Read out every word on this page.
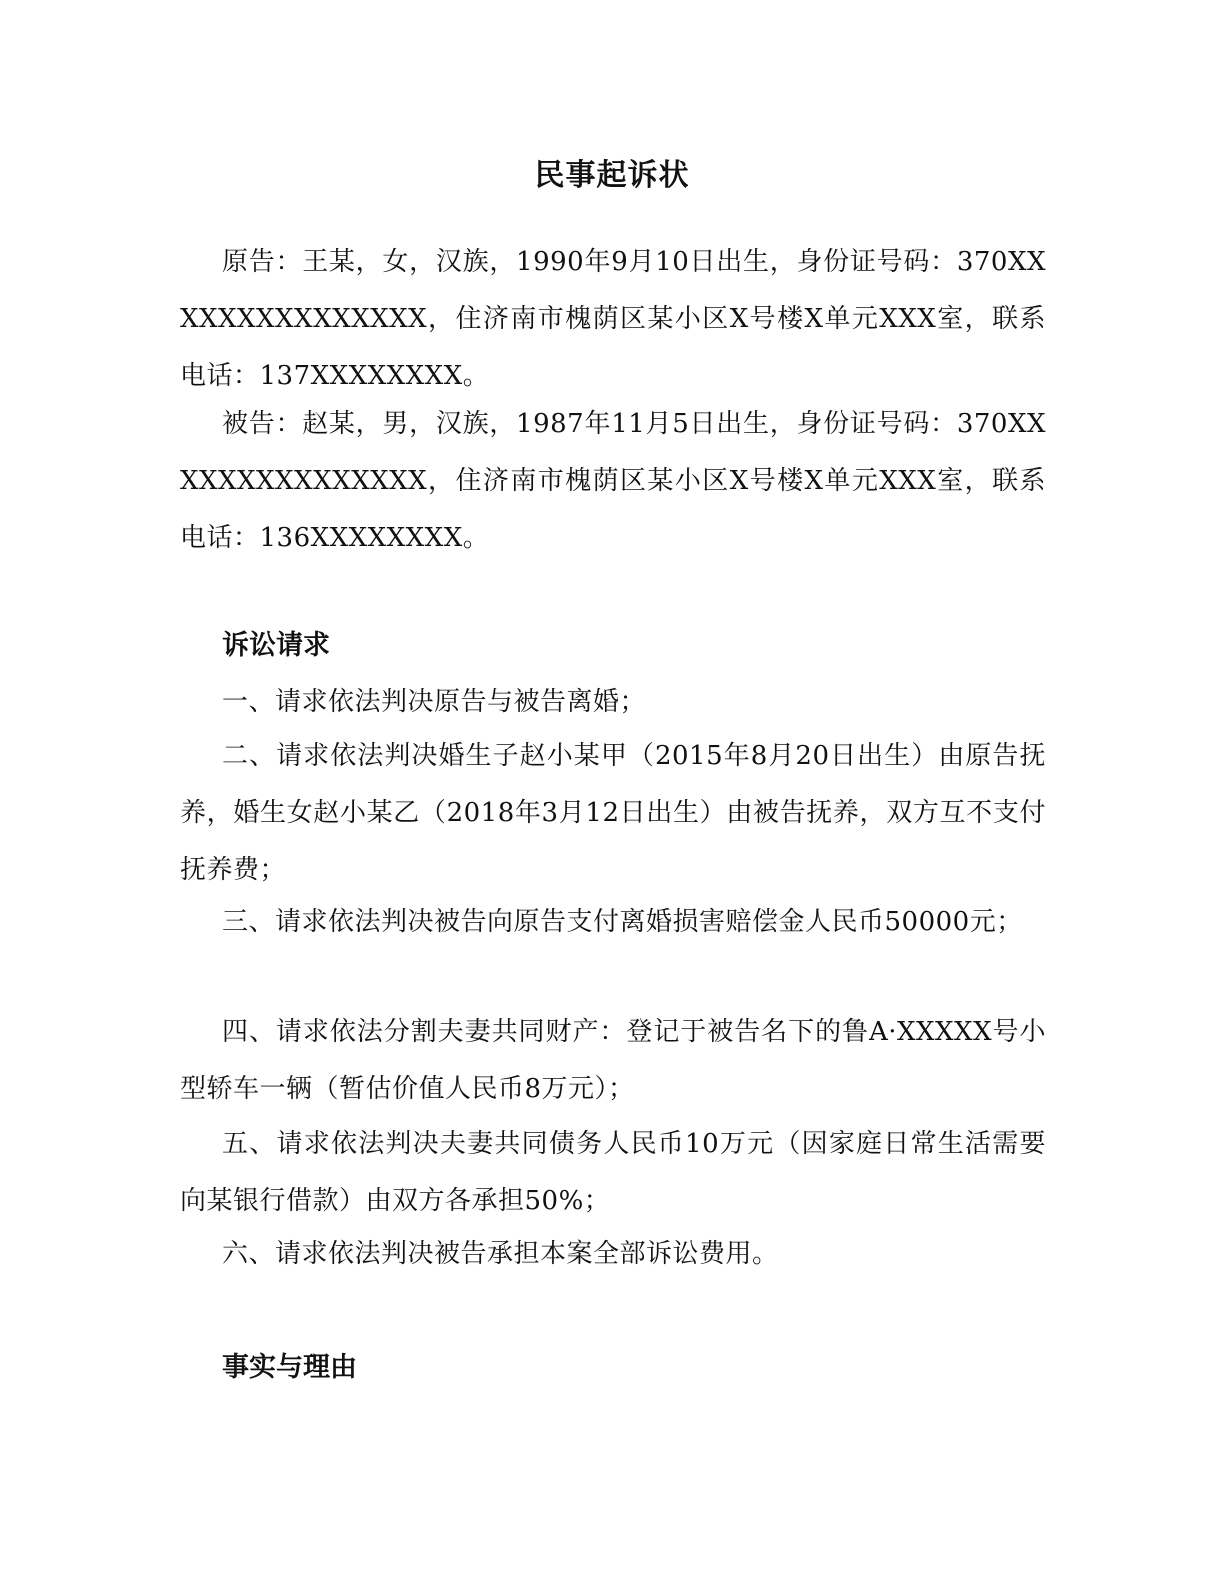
民事起诉状

原告：王某，女，汉族，1990年9月10日出生，身份证号码：370XXXXXXXXXXXXXXX，住济南市槐荫区某小区X号楼X单元XXX室，联系电话：137XXXXXXXX。

被告：赵某，男，汉族，1987年11月5日出生，身份证号码：370XXXXXXXXXXXXXXX，住济南市槐荫区某小区X号楼X单元XXX室，联系电话：136XXXXXXXX。

诉讼请求

一、请求依法判决原告与被告离婚；

二、请求依法判决婚生子赵小某甲（2015年8月20日出生）由原告抚养，婚生女赵小某乙（2018年3月12日出生）由被告抚养，双方互不支付抚养费；

三、请求依法判决被告向原告支付离婚损害赔偿金人民币50000元；

四、请求依法分割夫妻共同财产：登记于被告名下的鲁A·XXXXX号小型轿车一辆（暂估价值人民币8万元）；

五、请求依法判决夫妻共同债务人民币10万元（因家庭日常生活需要向某银行借款）由双方各承担50%；

六、请求依法判决被告承担本案全部诉讼费用。

事实与理由
